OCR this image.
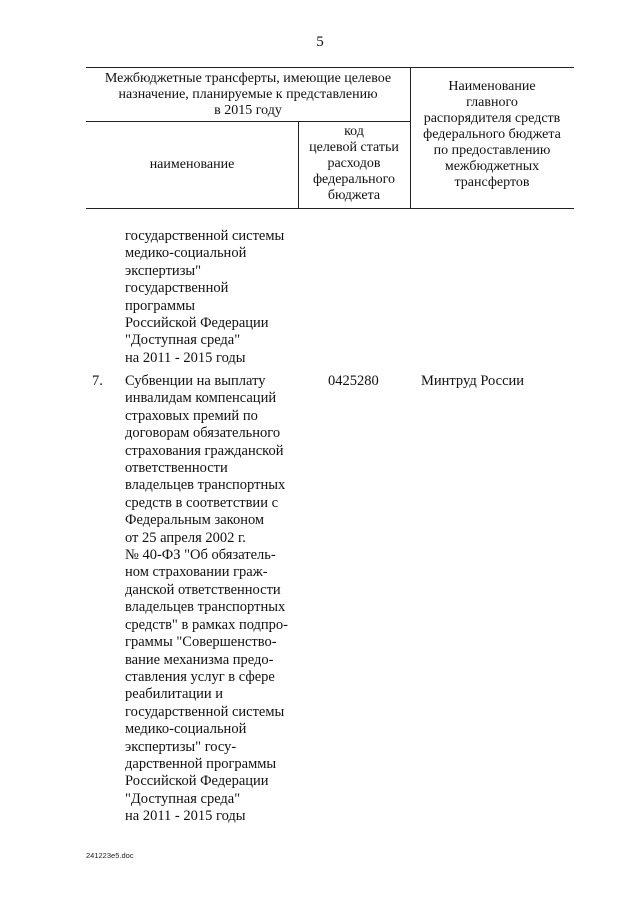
5
Межбюджетные трансферты, имеющие целевое
назначение, планируемые к представлению
в 2015 году
наименование
код
целевой статьи
расходов
федерального
бюджета
Наименование
главного
распорядителя средств
федерального бюджета
по предоставлению
межбюджетных
трансфертов
государственной системы
медико-социальной
экспертизы"
государственной
программы
Российской Федерации
"Доступная среда"
на 2011 - 2015 годы
7. Субвенции на выплату
инвалидам компенсаций
страховых премий по
договорам обязательного
страхования гражданской
ответственности
владельцев транспортных
средств в соответствии с
Федеральным законом
от 25 апреля 2002 г.
№ 40-ФЗ "Об обязатель-
ном страховании граж-
данской ответственности
владельцев транспортных
средств" в рамках подпро-
граммы "Совершенство-
вание механизма предо-
ставления услуг в сфере
реабилитации и
государственной системы
медико-социальной
экспертизы" госу-
дарственной программы
Российской Федерации
"Доступная среда"
на 2011 - 2015 годы
0425280	Минтруд России
241223е5.doc
